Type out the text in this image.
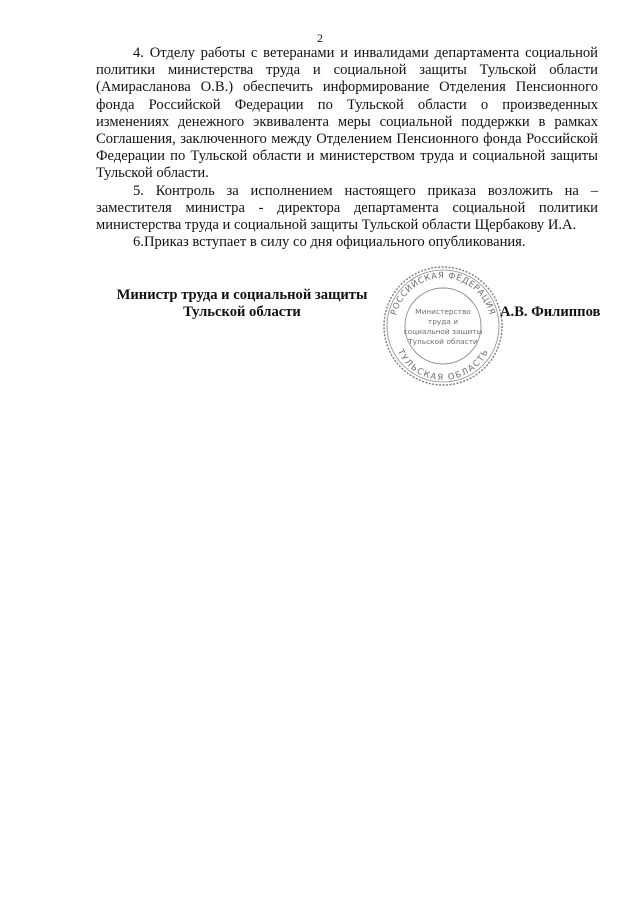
2

4. Отделу работы с ветеранами и инвалидами департамента социальной политики министерства труда и социальной защиты Тульской области (Амирасланова О.В.) обеспечить информирование Отделения Пенсионного фонда Российской Федерации по Тульской области о произведенных изменениях денежного эквивалента меры социальной поддержки в рамках Соглашения, заключенного между Отделением Пенсионного фонда Российской Федерации по Тульской области и министерством труда и социальной защиты Тульской области.

5. Контроль за исполнением настоящего приказа возложить на – заместителя министра - директора департамента социальной политики министерства труда и социальной защиты Тульской области Щербакову И.А.

6.Приказ вступает в силу со дня официального опубликования.

Министр труда и социальной защиты
Тульской области	РОССИЙСКАЯ ФЕДЕРАЦИЯ
ТУЛЬСКАЯ ОБЛАСТЬ
Министерство
труда и
социальной защиты
Тульской области
А.В. Филиппов
